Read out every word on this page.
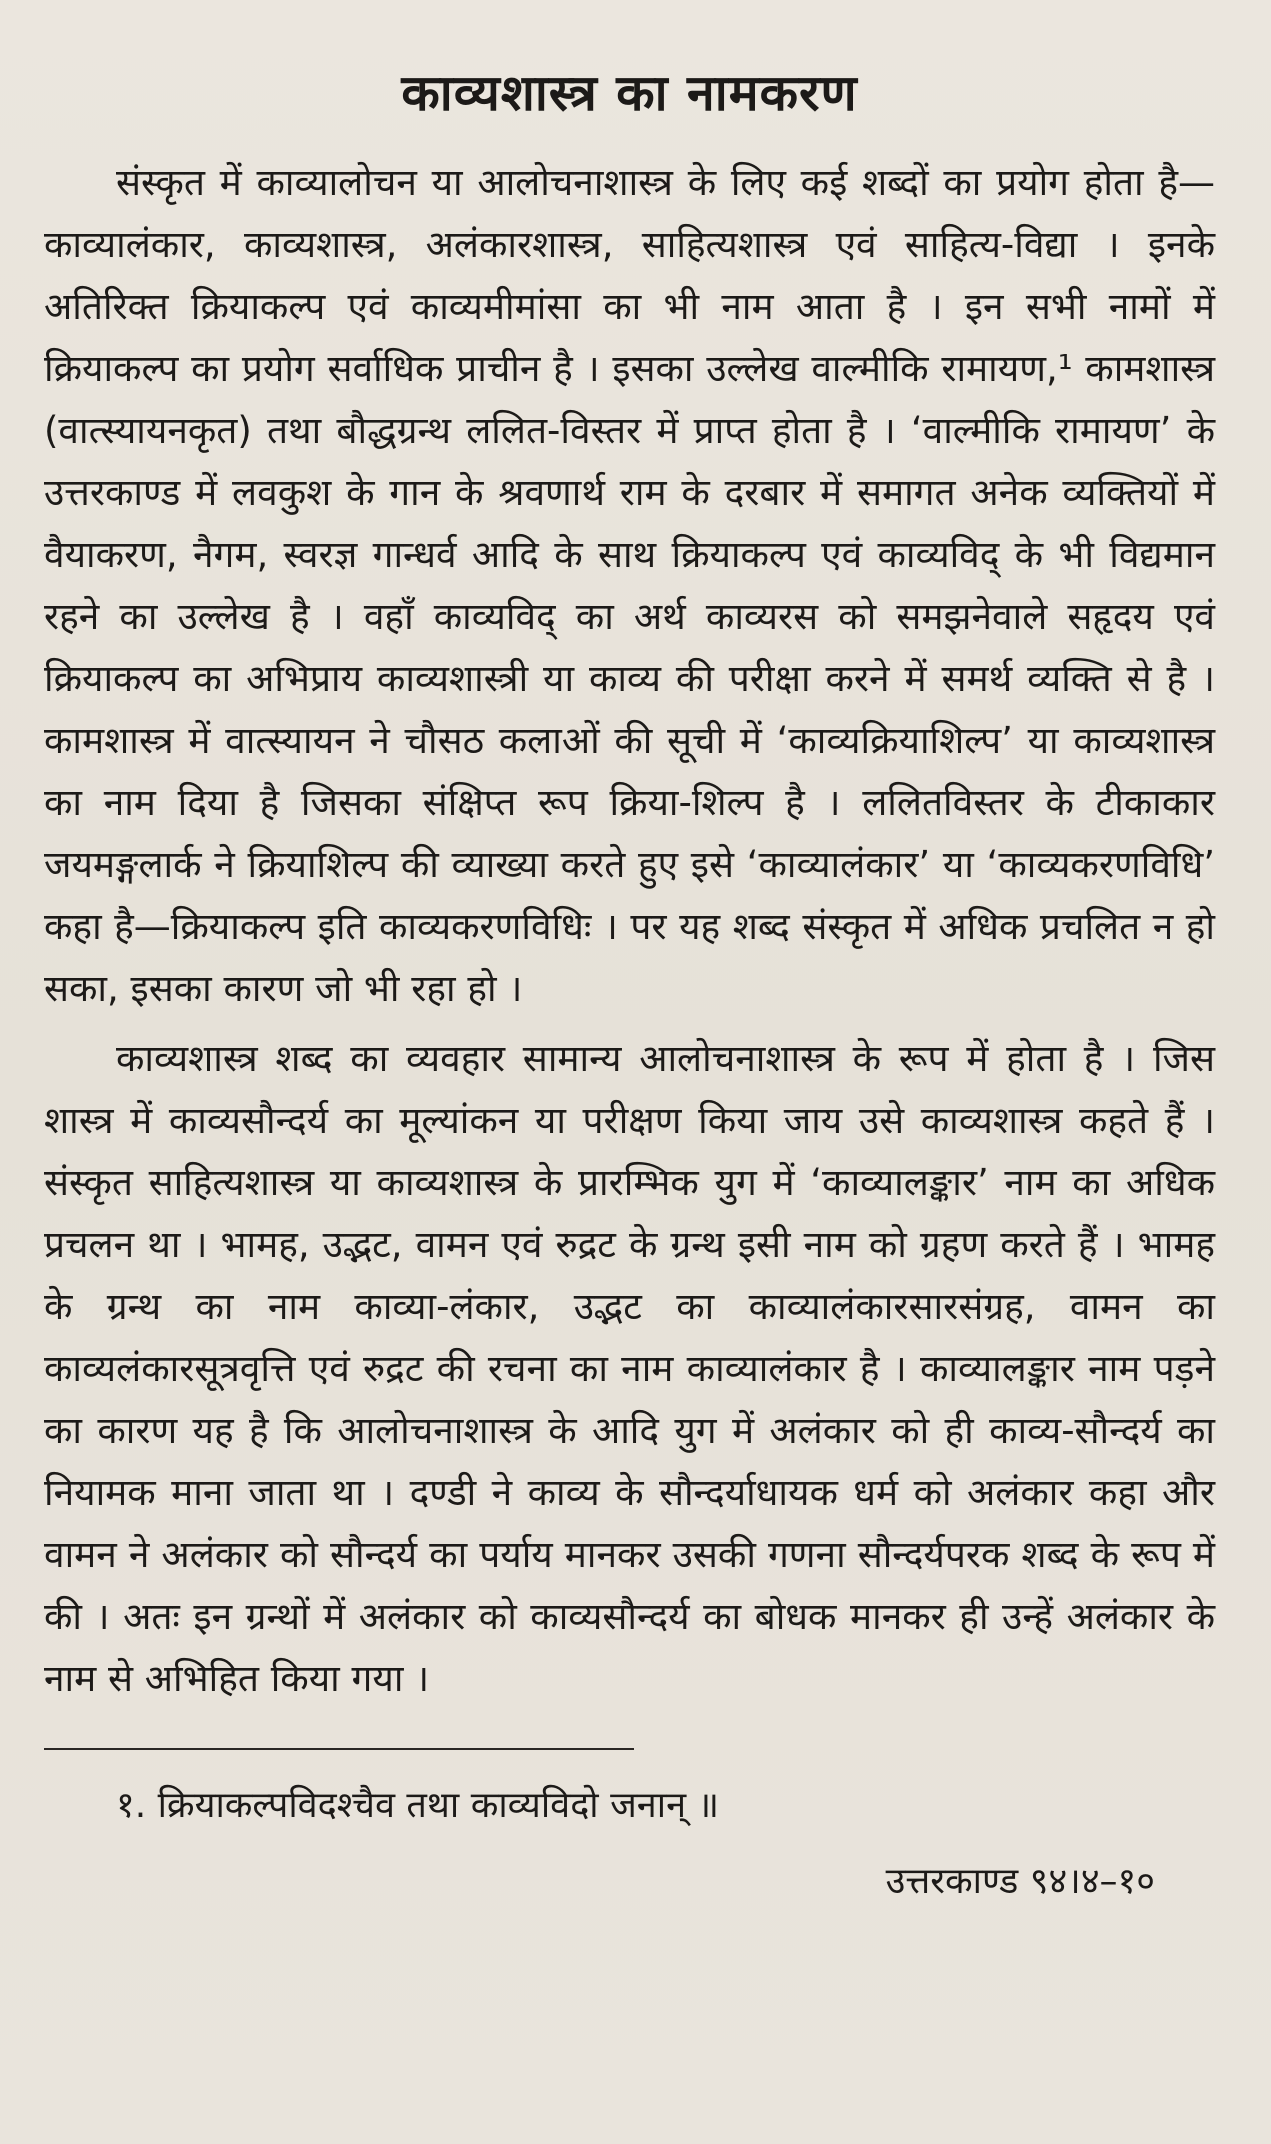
काव्यशास्त्र का नामकरण

संस्कृत में काव्यालोचन या आलोचनाशास्त्र के लिए कई शब्दों का प्रयोग होता है—काव्यालंकार, काव्यशास्त्र, अलंकारशास्त्र, साहित्यशास्त्र एवं साहित्य-विद्या । इनके अतिरिक्त क्रियाकल्प एवं काव्यमीमांसा का भी नाम आता है । इन सभी नामों में क्रियाकल्प का प्रयोग सर्वाधिक प्राचीन है । इसका उल्लेख वाल्मीकि रामायण,¹ कामशास्त्र (वात्स्यायनकृत) तथा बौद्धग्रन्थ ललित-विस्तर में प्राप्त होता है । ‘वाल्मीकि रामायण’ के उत्तरकाण्ड में लवकुश के गान के श्रवणार्थ राम के दरबार में समागत अनेक व्यक्तियों में वैयाकरण, नैगम, स्वरज्ञ गान्धर्व आदि के साथ क्रियाकल्प एवं काव्यविद् के भी विद्यमान रहने का उल्लेख है । वहाँ काव्यविद् का अर्थ काव्यरस को समझनेवाले सहृदय एवं क्रियाकल्प का अभिप्राय काव्यशास्त्री या काव्य की परीक्षा करने में समर्थ व्यक्ति से है । कामशास्त्र में वात्स्यायन ने चौसठ कलाओं की सूची में ‘काव्यक्रियाशिल्प’ या काव्यशास्त्र का नाम दिया है जिसका संक्षिप्त रूप क्रिया-शिल्प है । ललितविस्तर के टीकाकार जयमङ्गलार्क ने क्रियाशिल्प की व्याख्या करते हुए इसे ‘काव्यालंकार’ या ‘काव्यकरणविधि’ कहा है—क्रियाकल्प इति काव्यकरणविधिः । पर यह शब्द संस्कृत में अधिक प्रचलित न हो सका, इसका कारण जो भी रहा हो ।

काव्यशास्त्र शब्द का व्यवहार सामान्य आलोचनाशास्त्र के रूप में होता है । जिस शास्त्र में काव्यसौन्दर्य का मूल्यांकन या परीक्षण किया जाय उसे काव्यशास्त्र कहते हैं । संस्कृत साहित्यशास्त्र या काव्यशास्त्र के प्रारम्भिक युग में ‘काव्यालङ्कार’ नाम का अधिक प्रचलन था । भामह, उद्भट, वामन एवं रुद्रट के ग्रन्थ इसी नाम को ग्रहण करते हैं । भामह के ग्रन्थ का नाम काव्या-लंकार, उद्भट का काव्यालंकारसारसंग्रह, वामन का काव्यलंकारसूत्रवृत्ति एवं रुद्रट की रचना का नाम काव्यालंकार है । काव्यालङ्कार नाम पड़ने का कारण यह है कि आलोचनाशास्त्र के आदि युग में अलंकार को ही काव्य-सौन्दर्य का नियामक माना जाता था । दण्डी ने काव्य के सौन्दर्याधायक धर्म को अलंकार कहा और वामन ने अलंकार को सौन्दर्य का पर्याय मानकर उसकी गणना सौन्दर्यपरक शब्द के रूप में की । अतः इन ग्रन्थों में अलंकार को काव्यसौन्दर्य का बोधक मानकर ही उन्हें अलंकार के नाम से अभिहित किया गया ।

१. क्रियाकल्पविदश्चैव तथा काव्यविदो जनान् ॥
उत्तरकाण्ड ९४।४–१०
